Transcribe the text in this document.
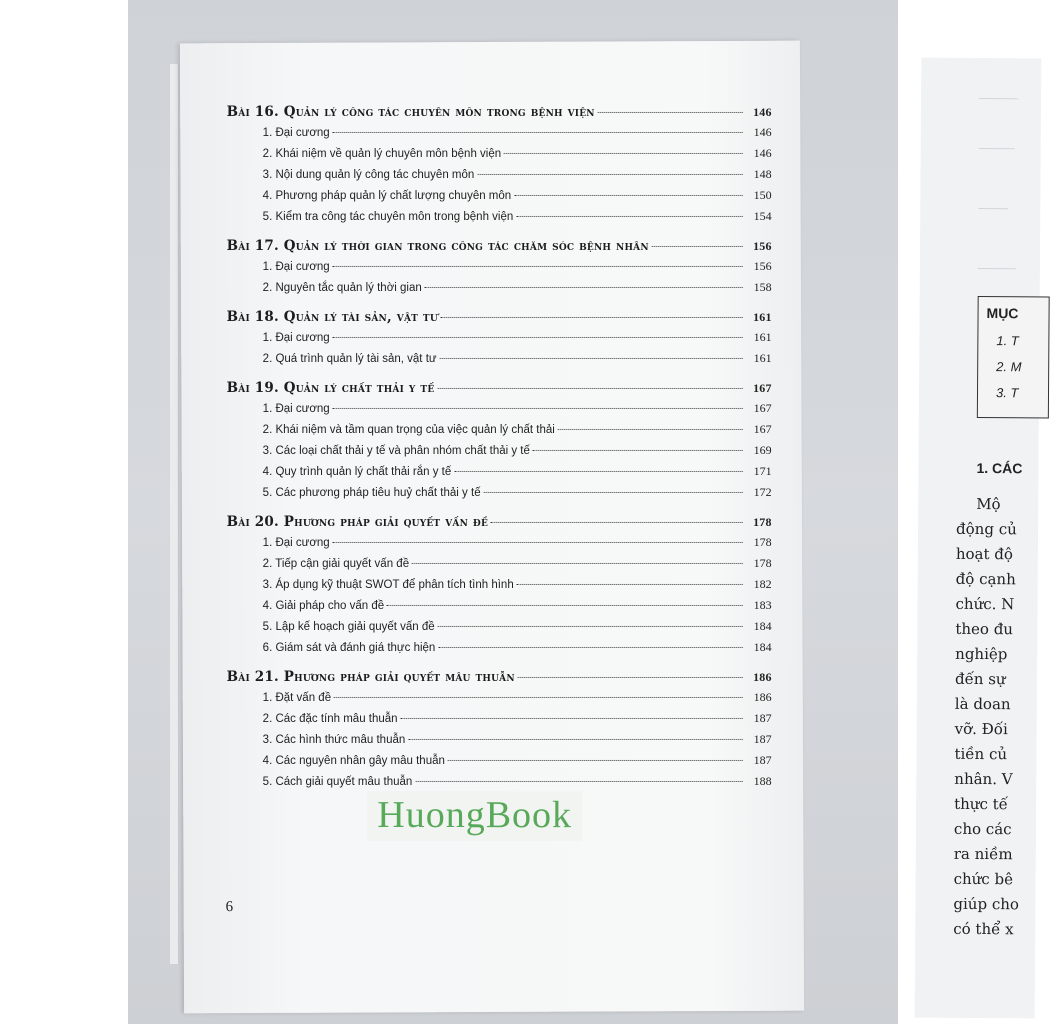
MỤC
1. T
2. M
3. T
1. CÁC
Mộ
động củ
hoạt độ
độ cạnh
chức. N
theo đu
nghiệp
đến sự
là doan
vỡ. Đối
tiền củ
nhân. V
thực tế
cho các
ra niềm
chức bê
giúp cho
có thể x
Bài 16. Quản lý công tác chuyên môn trong bệnh viện	146
1. Đại cương	146
2. Khái niệm về quản lý chuyên môn bệnh viện	146
3. Nội dung quản lý công tác chuyên môn	148
4. Phương pháp quản lý chất lượng chuyên môn	150
5. Kiểm tra công tác chuyên môn trong bệnh viện	154
Bài 17. Quản lý thời gian trong công tác chăm sóc bệnh nhân	156
1. Đại cương	156
2. Nguyên tắc quản lý thời gian	158
Bài 18. Quản lý tài sản, vật tư	161
1. Đại cương	161
2. Quá trình quản lý tài sản, vật tư	161
Bài 19. Quản lý chất thải y tế	167
1. Đại cương	167
2. Khái niệm và tầm quan trọng của việc quản lý chất thải	167
3. Các loại chất thải y tế và phân nhóm chất thải y tế	169
4. Quy trình quản lý chất thải rắn y tế	171
5. Các phương pháp tiêu huỷ chất thải y tế	172
Bài 20. Phương pháp giải quyết vấn đề	178
1. Đại cương	178
2. Tiếp cận giải quyết vấn đề	178
3. Áp dụng kỹ thuật SWOT để phân tích tình hình	182
4. Giải pháp cho vấn đề	183
5. Lập kế hoạch giải quyết vấn đề	184
6. Giám sát và đánh giá thực hiện	184
Bài 21. Phương pháp giải quyết mâu thuẫn	186
1. Đặt vấn đề	186
2. Các đặc tính mâu thuẫn	187
3. Các hình thức mâu thuẫn	187
4. Các nguyên nhân gây mâu thuẫn	187
5. Cách giải quyết mâu thuẫn	188
HuongBook
6
